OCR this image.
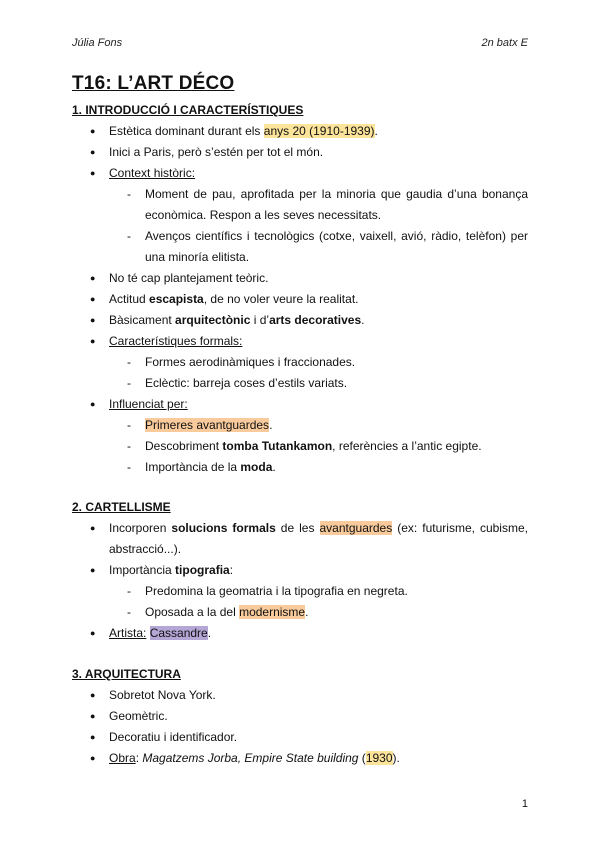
Júlia Fons	2n batx E
T16: L’ART DÉCO
1. INTRODUCCIÓ I CARACTERÍSTIQUES
● Estètica dominant durant els anys 20 (1910-1939).
● Inici a Paris, però s’estén per tot el món.
● Context històric:
- Moment de pau, aprofitada per la minoria que gaudia d’una bonança
econòmica. Respon a les seves necessitats.
- Avenços científics i tecnològics (cotxe, vaixell, avió, ràdio, telèfon) per
una minoría elitista.
● No té cap plantejament teòric.
● Actitud escapista, de no voler veure la realitat.
● Bàsicament arquitectònic i d’arts decoratives.
● Característiques formals:
- Formes aerodinàmiques i fraccionades.
- Eclèctic: barreja coses d’estils variats.
● Influenciat per:
- Primeres avantguardes.
- Descobriment tomba Tutankamon, referències a l’antic egipte.
- Importància de la moda.
2. CARTELLISME
● Incorporen solucions formals de les avantguardes (ex: futurisme, cubisme,
abstracció...).
● Importància tipografia:
- Predomina la geomatria i la tipografia en negreta.
- Oposada a la del modernisme.
● Artista: Cassandre.
3. ARQUITECTURA
● Sobretot Nova York.
● Geomètric.
● Decoratiu i identificador.
● Obra: Magatzems Jorba, Empire State building (1930).
1
